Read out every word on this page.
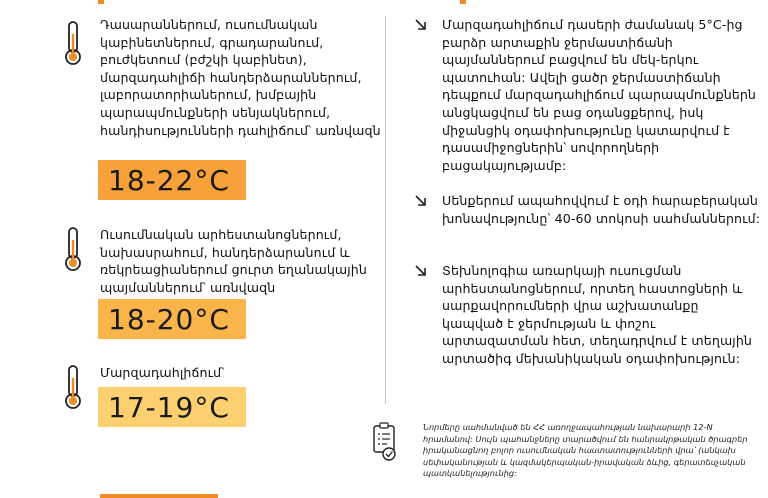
Դասարաններում, ուսումնական կաբինետներում, գրադարանում, բուժկետում (բժշկի կաբինետ), մարզադահլիճի հանդերձարաններում, լաբորատորիաներում, խմբային պարապմունքների սենյակներում, հանդիսությունների դահլիճում՝ առնվազն
18-22°C
Ուսումնական արհեստանոցներում, նախասրահում, հանդերձարանում և ռեկրեացիաներում ցուրտ եղանակային պայմաններում՝ առնվազն
18-20°C
Մարզադահլիճում՝
17-19°C
Մարզադահլիճում դասերի ժամանակ 5°C-ից բարձր արտաքին ջերմաստիճանի պայմաններում բացվում են մեկ-երկու պատուհան: Ավելի ցածր ջերմաստիճանի դեպքում մարզադահլիճում պարապմունքներն անցկացվում են բաց օդանցքերով, իսկ միջանցիկ օդափոխությունը կատարվում է դասամիջոցներին՝ սովորողների բացակայությամբ:
Սենքերում ապահովվում է օդի հարաբերական խոնավությունը՝ 40-60 տոկոսի սահմաններում:
Տեխնոլոգիա առարկայի ուսուցման արհեստանոցներում, որտեղ հաստոցների և սարքավորումների վրա աշխատանքը կապված է ջերմության և փոշու արտազատման հետ, տեղադրվում է տեղային արտածիգ մեխանիկական օդափոխություն:
Նորմերը սահմանված են ՀՀ առողջապահության նախարարի 12-N հրամանով: Սույն պահանջները տարածվում են հանրակրթական ծրագրեր իրականացնող բոլոր ուսումնական հաստատությունների վրա՝ (անկախ սեփականության և կազմակերպական-իրավական ձևից, գերատեսչական պատկանելությունից:
